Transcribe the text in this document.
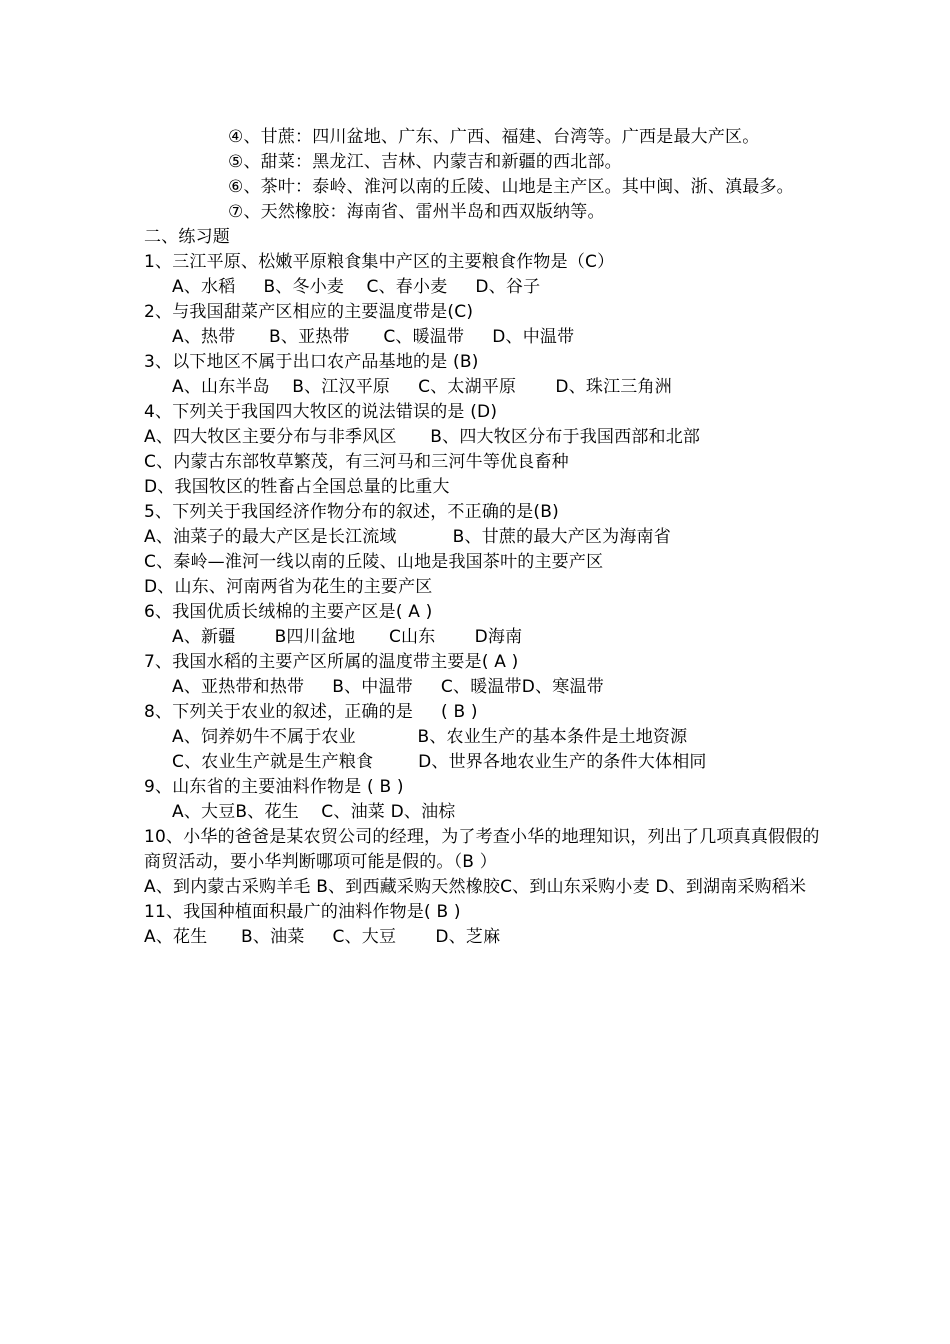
④、甘蔗：四川盆地、广东、广西、福建、台湾等。广西是最大产区。
⑤、甜菜：黑龙江、吉林、内蒙吉和新疆的西北部。
⑥、茶叶：泰岭、淮河以南的丘陵、山地是主产区。其中闽、浙、滇最多。
⑦、天然橡胶：海南省、雷州半岛和西双版纳等。
二、练习题
1、三江平原、松嫩平原粮食集中产区的主要粮食作物是（C）
A、水稻     B、冬小麦    C、春小麦     D、谷子
2、与我国甜菜产区相应的主要温度带是(C)
A、热带      B、亚热带      C、暖温带     D、中温带
3、以下地区不属于出口农产品基地的是 (B)
A、山东半岛    B、江汉平原     C、太湖平原       D、珠江三角洲
4、下列关于我国四大牧区的说法错误的是 (D)
A、四大牧区主要分布与非季风区      B、四大牧区分布于我国西部和北部
C、内蒙古东部牧草繁茂，有三河马和三河牛等优良畜种
D、我国牧区的牲畜占全国总量的比重大
5、下列关于我国经济作物分布的叙述，不正确的是(B)
A、油菜子的最大产区是长江流域          B、甘蔗的最大产区为海南省
C、秦岭—淮河一线以南的丘陵、山地是我国茶叶的主要产区
D、山东、河南两省为花生的主要产区
6、我国优质长绒棉的主要产区是( A )
A、新疆       B四川盆地      C山东       D海南
7、我国水稻的主要产区所属的温度带主要是( A )
A、亚热带和热带     B、中温带     C、暖温带D、寒温带
8、下列关于农业的叙述，正确的是     ( B )
A、饲养奶牛不属于农业           B、农业生产的基本条件是土地资源
C、农业生产就是生产粮食        D、世界各地农业生产的条件大体相同
9、山东省的主要油料作物是 ( B )
A、大豆B、花生    C、油菜 D、油棕
10、小华的爸爸是某农贸公司的经理，为了考查小华的地理知识，列出了几项真真假假的商贸活动，要小华判断哪项可能是假的。（B ）
A、到内蒙古采购羊毛 B、到西藏采购天然橡胶C、到山东采购小麦 D、到湖南采购稻米
11、我国种植面积最广的油料作物是( B )
A、花生      B、油菜     C、大豆       D、芝麻
